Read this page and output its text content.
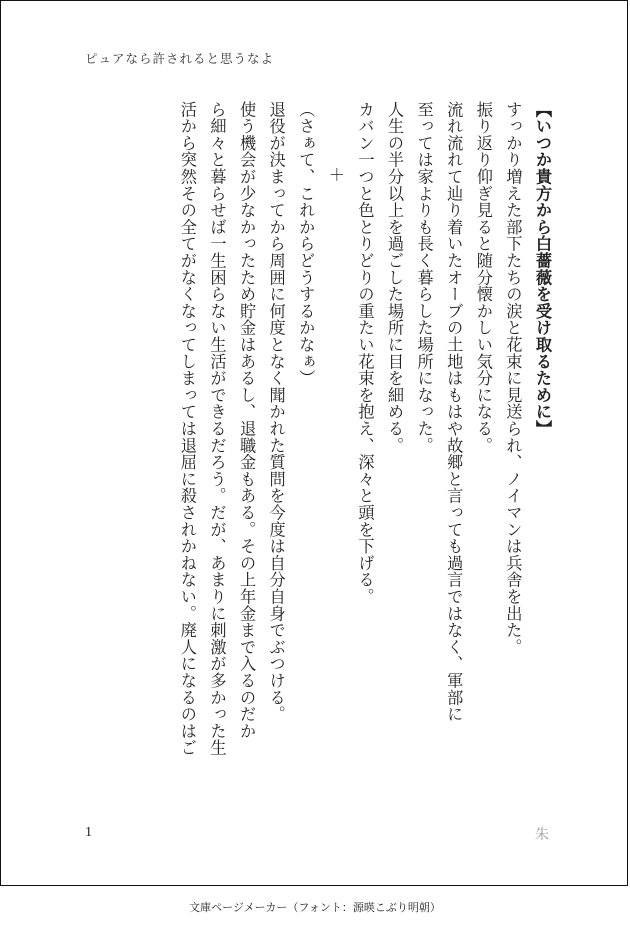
ピュアなら許されると思うなよ

【いつか貴方から白薔薇を受け取るために】

すっかり増えた部下たちの涙と花束に見送られ、ノイマンは兵舎を出た。

振り返り仰ぎ見ると随分懐かしい気分になる。

流れ流れて辿り着いたオーブの土地はもはや故郷と言っても過言ではなく、軍部に

至っては家よりも長く暮らした場所になった。

人生の半分以上を過ごした場所に目を細める。

カバン一つと色とりどりの重たい花束を抱え、深々と頭を下げる。

＋

（さぁて、これからどうするかなぁ）

退役が決まってから周囲に何度となく聞かれた質問を今度は自分自身でぶつける。

使う機会が少なかったため貯金はあるし、退職金もある。その上年金まで入るのだか

ら細々と暮らせば一生困らない生活ができるだろう。だが、あまりに刺激が多かった生

活から突然その全てがなくなってしまっては退屈に殺されかねない。廃人になるのはご

1	朱
文庫ページメーカー（フォント：源暎こぶり明朝）
